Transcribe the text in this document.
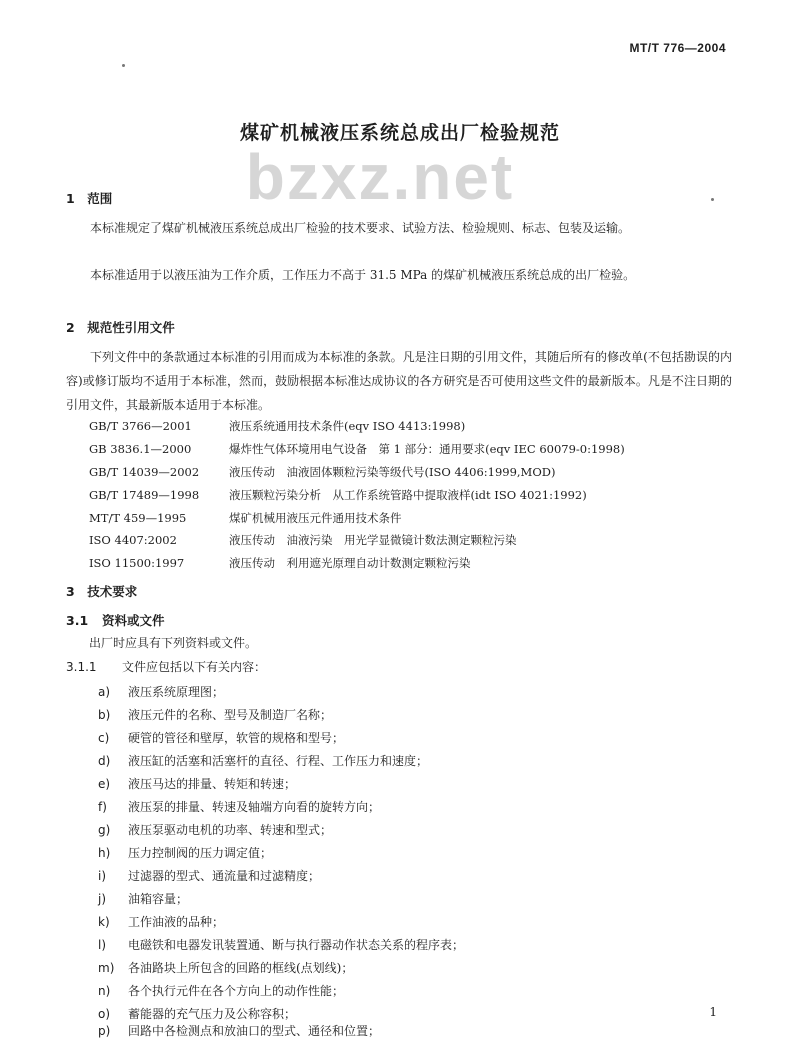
MT/T 776—2004
bzxz.net
煤矿机械液压系统总成出厂检验规范
1　范围
本标准规定了煤矿机械液压系统总成出厂检验的技术要求、试验方法、检验规则、标志、包装及运输。
本标准适用于以液压油为工作介质，工作压力不高于 31.5 MPa 的煤矿机械液压系统总成的出厂检验。
2　规范性引用文件
下列文件中的条款通过本标准的引用而成为本标准的条款。凡是注日期的引用文件，其随后所有的修改单(不包括勘误的内容)或修订版均不适用于本标准，然而，鼓励根据本标准达成协议的各方研究是否可使用这些文件的最新版本。凡是不注日期的引用文件，其最新版本适用于本标准。
GB/T 3766—2001	液压系统通用技术条件(eqv ISO 4413:1998)
GB 3836.1—2000	爆炸性气体环境用电气设备　第 1 部分：通用要求(eqv IEC 60079-0:1998)
GB/T 14039—2002	液压传动　油液固体颗粒污染等级代号(ISO 4406:1999,MOD)
GB/T 17489—1998	液压颗粒污染分析　从工作系统管路中提取液样(idt ISO 4021:1992)
MT/T 459—1995	煤矿机械用液压元件通用技术条件
ISO 4407:2002	液压传动　油液污染　用光学显微镜计数法测定颗粒污染
ISO 11500:1997	液压传动　利用遮光原理自动计数测定颗粒污染
3　技术要求
3.1 资料或文件
出厂时应具有下列资料或文件。
3.1.1 文件应包括以下有关内容：
a) 液压系统原理图；
b) 液压元件的名称、型号及制造厂名称；
c) 硬管的管径和壁厚，软管的规格和型号；
d) 液压缸的活塞和活塞杆的直径、行程、工作压力和速度；
e) 液压马达的排量、转矩和转速；
f) 液压泵的排量、转速及轴端方向看的旋转方向；
g) 液压泵驱动电机的功率、转速和型式；
h) 压力控制阀的压力调定值；
i) 过滤器的型式、通流量和过滤精度；
j) 油箱容量；
k) 工作油液的品种；
l) 电磁铁和电器发讯装置通、断与执行器动作状态关系的程序表；
m) 各油路块上所包含的回路的框线(点划线)；
n) 各个执行元件在各个方向上的动作性能；
o) 蓄能器的充气压力及公称容积；
p) 回路中各检测点和放油口的型式、通径和位置；
1
